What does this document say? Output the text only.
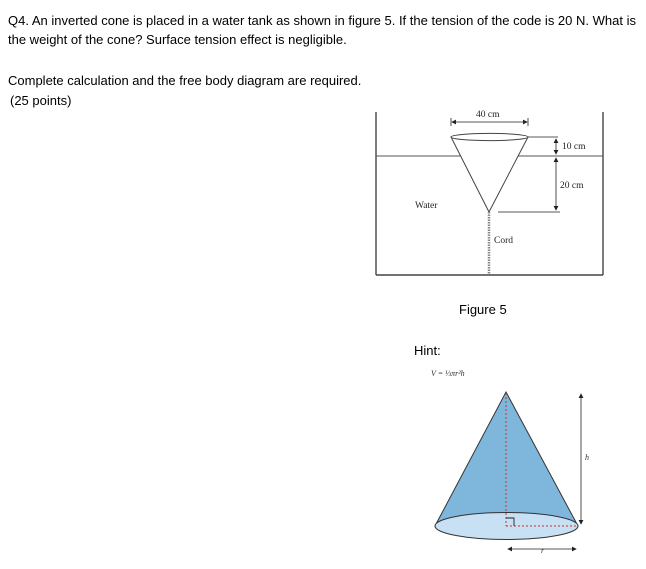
Q4. An inverted cone is placed in a water tank as shown in figure 5. If the tension of the code is 20 N. What is

the weight of the cone? Surface tension effect is negligible.

Complete calculation and the free body diagram are required.

(25 points)

40 cm
10 cm
20 cm
Water
Cord
Figure 5
Hint:
V = ⅓πr²h
h
r
